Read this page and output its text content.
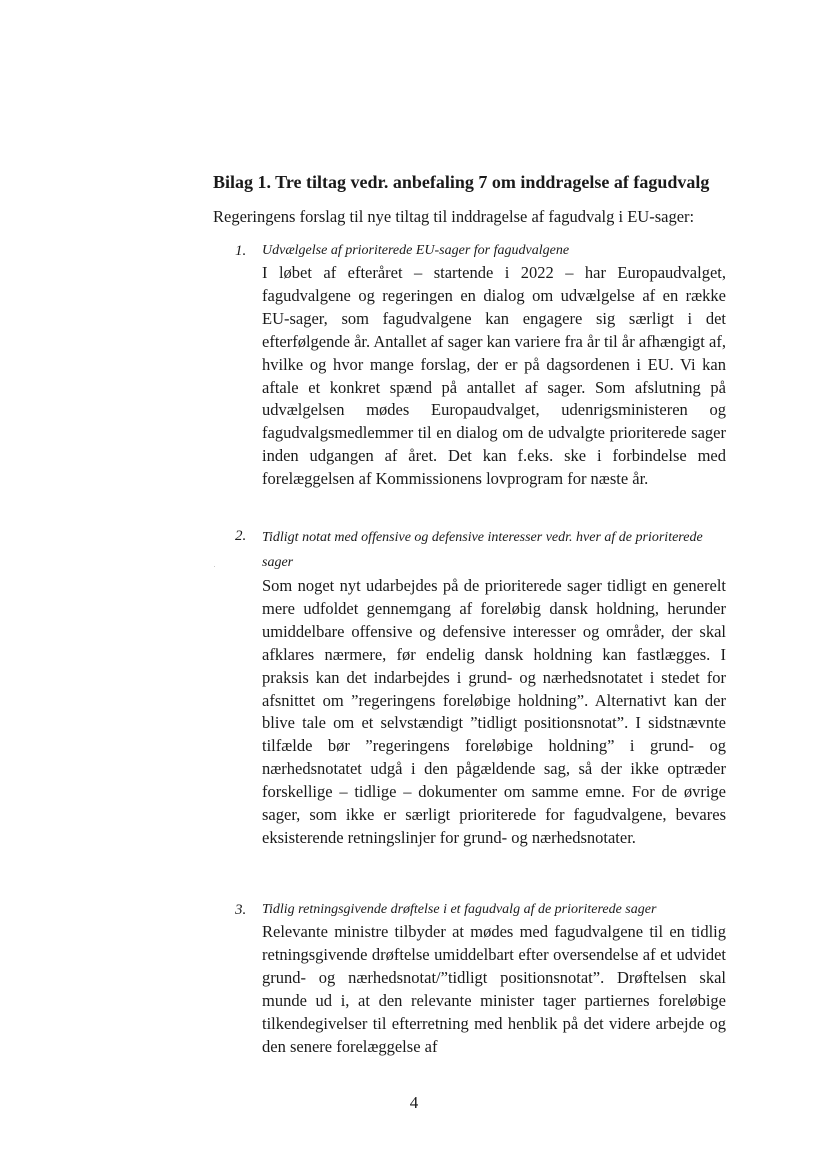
Bilag 1. Tre tiltag vedr. anbefaling 7 om inddragelse af fagudvalg
Regeringens forslag til nye tiltag til inddragelse af fagudvalg i EU-sager:
1. Udvælgelse af prioriterede EU-sager for fagudvalgene

I løbet af efteråret – startende i 2022 – har Europaudvalget, fagudvalgene og regeringen en dialog om udvælgelse af en række EU-sager, som fagudvalgene kan engagere sig særligt i det efterfølgende år. Antallet af sager kan variere fra år til år afhængigt af, hvilke og hvor mange forslag, der er på dagsordenen i EU. Vi kan aftale et konkret spænd på antallet af sager. Som afslutning på udvælgelsen mødes Europaudvalget, udenrigsministeren og fagudvalgsmedlemmer til en dialog om de udvalgte prioriterede sager inden udgangen af året. Det kan f.eks. ske i forbindelse med forelæggelsen af Kommissionens lovprogram for næste år.

2. Tidligt notat med offensive og defensive interesser vedr. hver af de prioriterede sager

Som noget nyt udarbejdes på de prioriterede sager tidligt en generelt mere udfoldet gennemgang af foreløbig dansk holdning, herunder umiddelbare offensive og defensive interesser og områder, der skal afklares nærmere, før endelig dansk holdning kan fastlægges. I praksis kan det indarbejdes i grund- og nærhedsnotatet i stedet for afsnittet om ”regeringens foreløbige holdning”. Alternativt kan der blive tale om et selvstændigt ”tidligt positionsnotat”. I sidstnævnte tilfælde bør ”regeringens foreløbige holdning” i grund- og nærhedsnotatet udgå i den pågældende sag, så der ikke optræder forskellige – tidlige – dokumenter om samme emne. For de øvrige sager, som ikke er særligt prioriterede for fagudvalgene, bevares eksisterende retningslinjer for grund- og nærhedsnotater.

3. Tidlig retningsgivende drøftelse i et fagudvalg af de prioriterede sager

Relevante ministre tilbyder at mødes med fagudvalgene til en tidlig retningsgivende drøftelse umiddelbart efter oversendelse af et udvidet grund- og nærhedsnotat/”tidligt positionsnotat”. Drøftelsen skal munde ud i, at den relevante minister tager partiernes foreløbige tilkendegivelser til efterretning med henblik på det videre arbejde og den senere forelæggelse af

4
